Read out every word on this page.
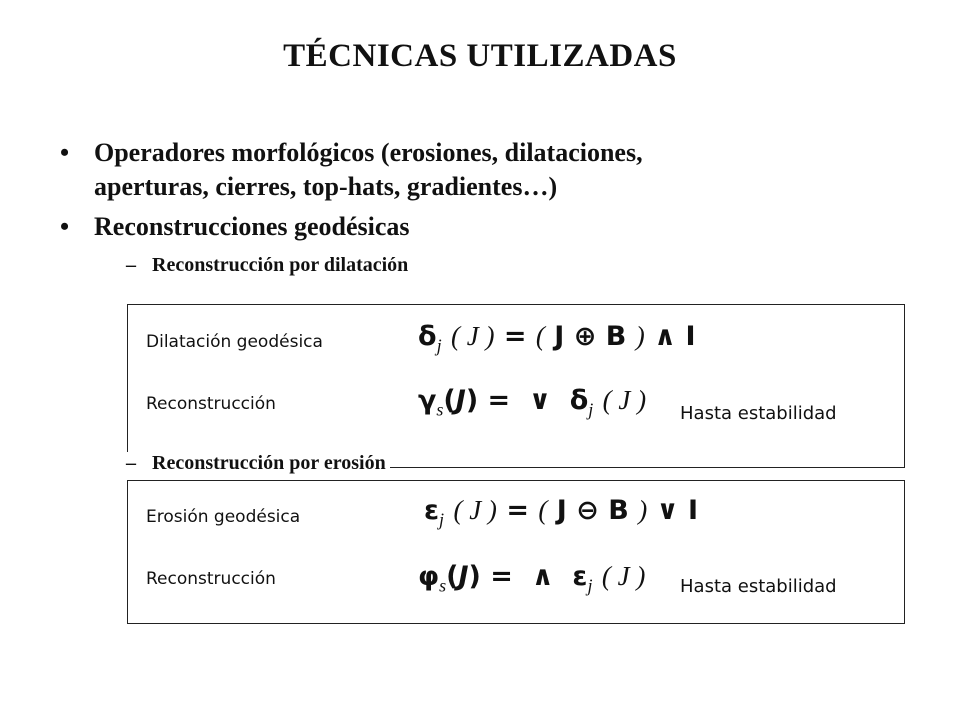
TÉCNICAS UTILIZADAS
• Operadores morfológicos (erosiones, dilataciones,
aperturas, cierres, top-hats, gradientes…)
• Reconstrucciones geodésicas
– Reconstrucción por dilatación
Dilatación geodésica	$\delta_j$ ( J ) = ( J ⊕ B ) ∧ I
Reconstrucción	$\gamma_s(J)$ =  ∨  $\delta_j$ ( J ) Hasta estabilidad
– Reconstrucción por erosión
Erosión geodésica	$\varepsilon_j$ ( J ) = ( J ⊖ B ) ∨ I
Reconstrucción	$\varphi_s(J)$ =  ∧  $\varepsilon_j$ ( J ) Hasta estabilidad
